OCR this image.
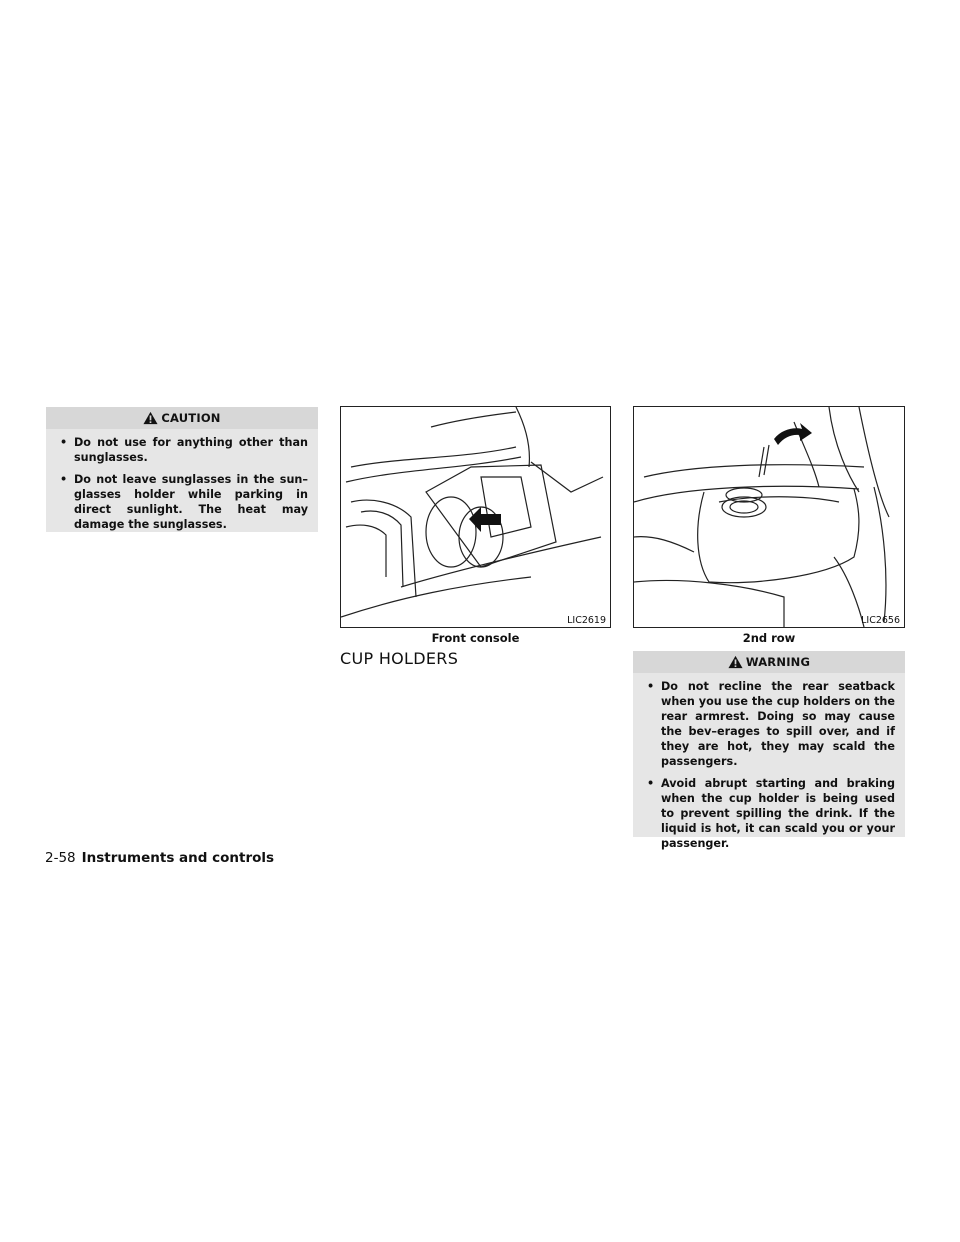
CAUTION
• Do not use for anything other than sunglasses.
• Do not leave sunglasses in the sun–glasses holder while parking in direct sunlight. The heat may damage the sunglasses.
LIC2619
Front console
LIC2656
2nd row
CUP HOLDERS	WARNING
• Do not recline the rear seatback when you use the cup holders on the rear armrest. Doing so may cause the bev–erages to spill over, and if they are hot, they may scald the passengers.
• Avoid abrupt starting and braking when the cup holder is being used to prevent spilling the drink. If the liquid is hot, it can scald you or your passenger.
2-58 Instruments and controls
